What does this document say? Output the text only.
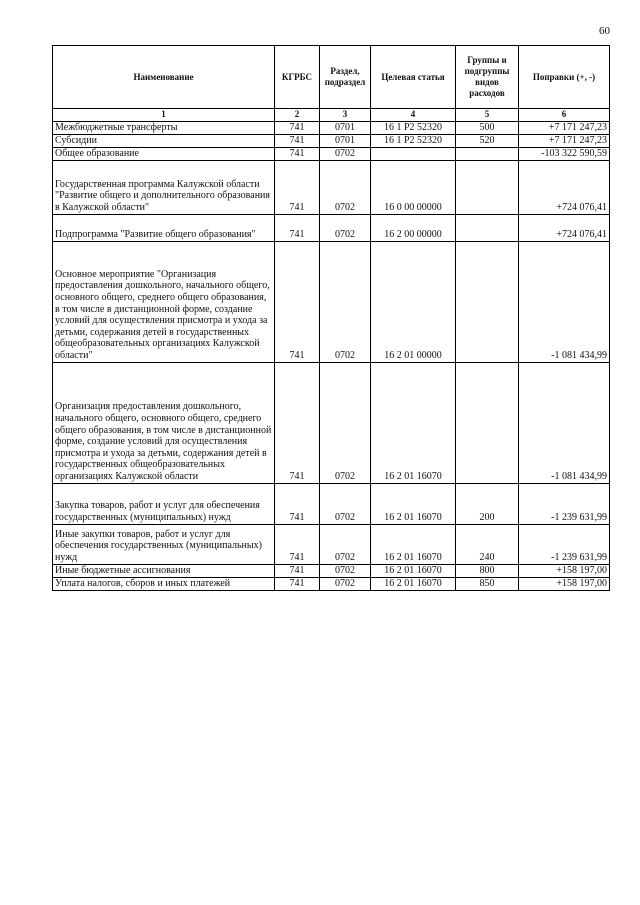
60
Наименование	КГРБС	Раздел, подраздел	Целевая статья	Группы и подгруппы видов расходов	Поправки (+, -)
1	2	3	4	5	6
Межбюджетные трансферты	741	0701	16 1 Р2 52320	500	+7 171 247,23
Субсидии	741	0701	16 1 Р2 52320	520	+7 171 247,23
Общее образование	741	0702			-103 322 590,59
Государственная программа Калужской области "Развитие общего и дополнительного образования в Калужской области"	741	0702	16 0 00 00000		+724 076,41
Подпрограмма "Развитие общего образования"	741	0702	16 2 00 00000		+724 076,41
Основное мероприятие "Организация предоставления дошкольного, начального общего, основного общего, среднего общего образования, в том числе в дистанционной форме, создание условий для осуществления присмотра и ухода за детьми, содержания детей в государственных общеобразовательных организациях Калужской области"	741	0702	16 2 01 00000		-1 081 434,99
Организация предоставления дошкольного, начального общего, основного общего, среднего общего образования, в том числе в дистанционной форме, создание условий для осуществления присмотра и ухода за детьми, содержания детей в государственных общеобразовательных организациях Калужской области	741	0702	16 2 01 16070		-1 081 434,99
Закупка товаров, работ и услуг для обеспечения государственных (муниципальных) нужд	741	0702	16 2 01 16070	200	-1 239 631,99
Иные закупки товаров, работ и услуг для обеспечения государственных (муниципальных) нужд	741	0702	16 2 01 16070	240	-1 239 631,99
Иные бюджетные ассигнования	741	0702	16 2 01 16070	800	+158 197,00
Уплата налогов, сборов и иных платежей	741	0702	16 2 01 16070	850	+158 197,00
